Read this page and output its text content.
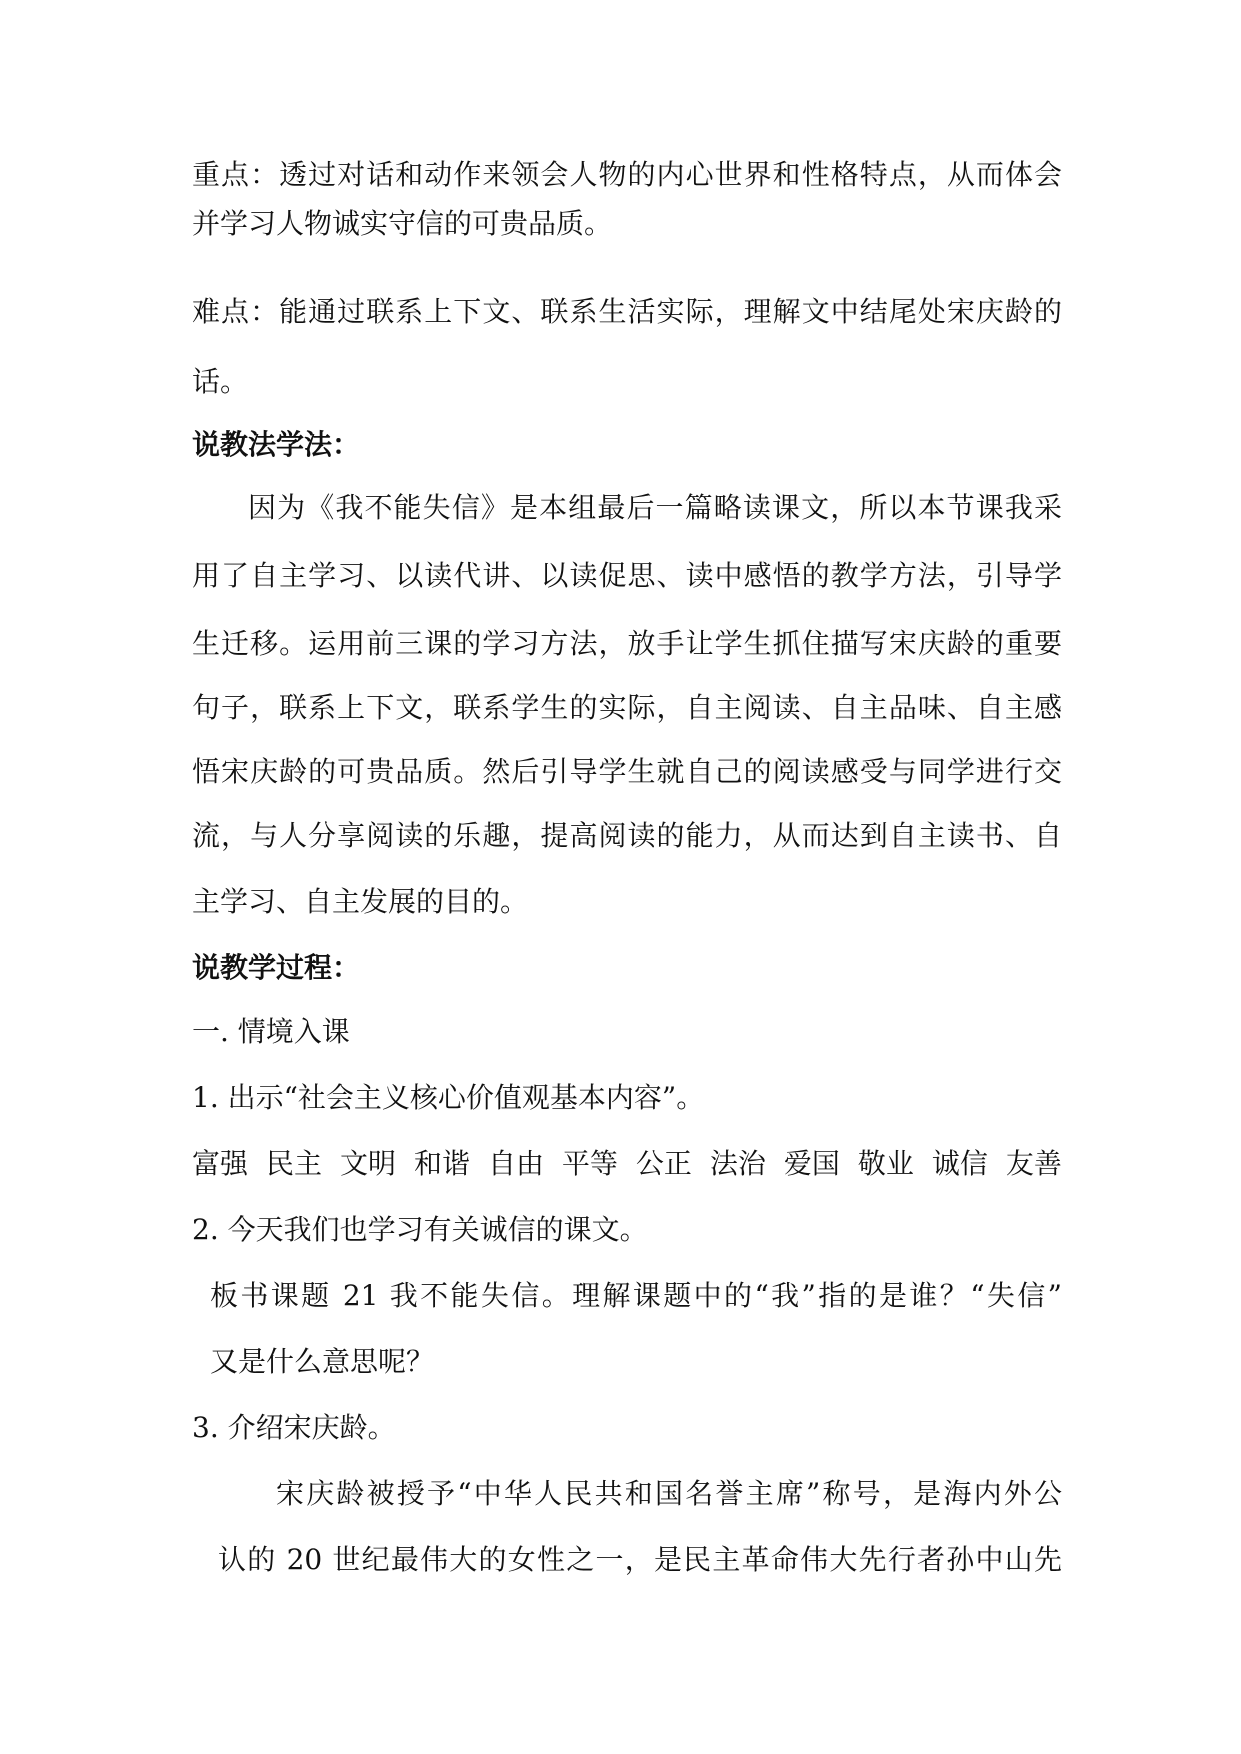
重点：透过对话和动作来领会人物的内心世界和性格特点，从而体会
并学习人物诚实守信的可贵品质。
难点：能通过联系上下文、联系生活实际，理解文中结尾处宋庆龄的
话。
说教法学法：
因为《我不能失信》是本组最后一篇略读课文，所以本节课我采
用了自主学习、以读代讲、以读促思、读中感悟的教学方法，引导学
生迁移。运用前三课的学习方法，放手让学生抓住描写宋庆龄的重要
句子，联系上下文，联系学生的实际，自主阅读、自主品味、自主感
悟宋庆龄的可贵品质。然后引导学生就自己的阅读感受与同学进行交
流，与人分享阅读的乐趣，提高阅读的能力，从而达到自主读书、自
主学习、自主发展的目的。
说教学过程：
一. 情境入课
1. 出示“社会主义核心价值观基本内容”。
富强 民主 文明 和谐 自由 平等 公正 法治 爱国 敬业 诚信 友善
2. 今天我们也学习有关诚信的课文。
板书课题 21 我不能失信。理解课题中的“我”指的是谁？“失信”
又是什么意思呢？
3. 介绍宋庆龄。
宋庆龄被授予“中华人民共和国名誉主席”称号，是海内外公
认的 20 世纪最伟大的女性之一，是民主革命伟大先行者孙中山先
